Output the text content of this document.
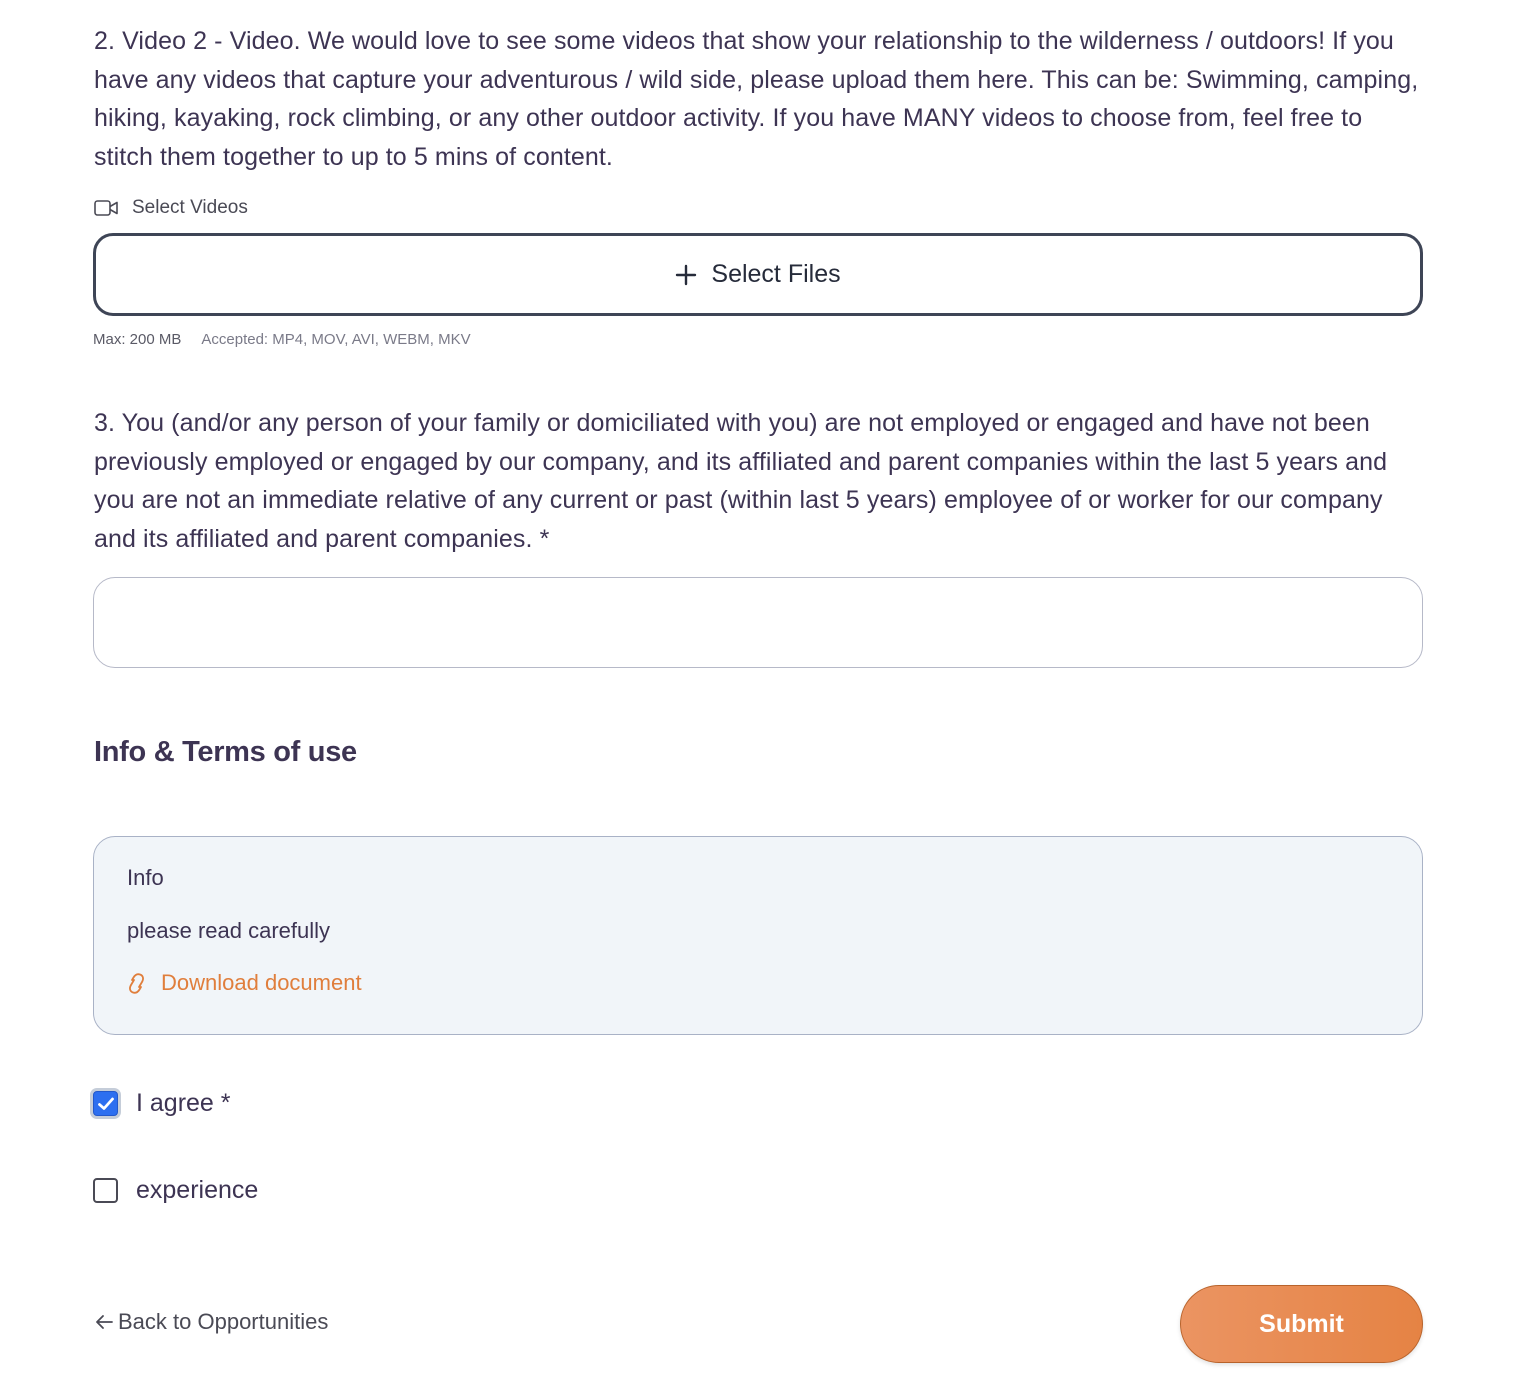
2. Video 2 - Video. We would love to see some videos that show your relationship to the wilderness / outdoors! If you have any videos that capture your adventurous / wild side, please upload them here. This can be: Swimming, camping, hiking, kayaking, rock climbing, or any other outdoor activity. If you have MANY videos to choose from, feel free to stitch them together to up to 5 mins of content.

Select Videos
Select Files
Max: 200 MB Accepted: MP4, MOV, AVI, WEBM, MKV

3. You (and/or any person of your family or domiciliated with you) are not employed or engaged and have not been previously employed or engaged by our company, and its affiliated and parent companies within the last 5 years and you are not an immediate relative of any current or past (within last 5 years) employee of or worker for our company and its affiliated and parent companies. *

Info & Terms of use
Info
please read carefully
Download document
I agree *
experience
Back to Opportunities	Submit
